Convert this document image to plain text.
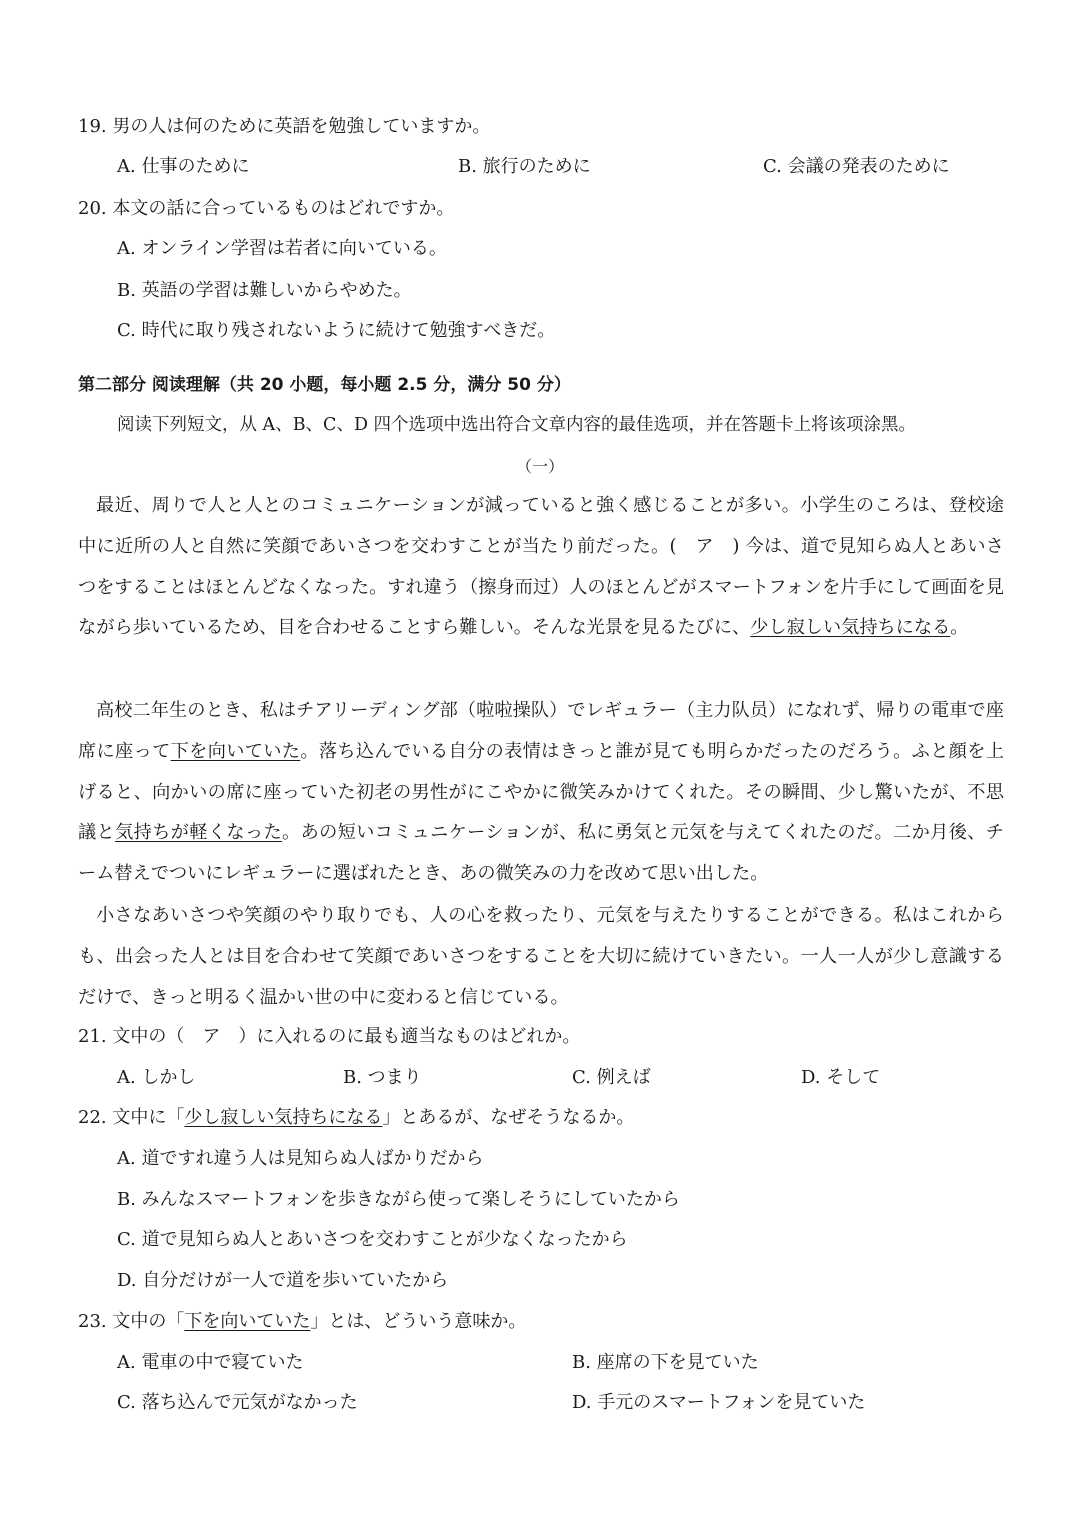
19. 男の人は何のために英語を勉強していますか。
A. 仕事のために	B. 旅行のために	C. 会議の発表のために
20. 本文の話に合っているものはどれですか。
A. オンライン学習は若者に向いている。
B. 英語の学習は難しいからやめた。
C. 時代に取り残されないように続けて勉強すべきだ。
第二部分 阅读理解（共 20 小题，每小题 2.5 分，满分 50 分）
阅读下列短文，从 A、B、C、D 四个选项中选出符合文章内容的最佳选项，并在答题卡上将该项涂黑。
（一）
最近、周りで人と人とのコミュニケーションが減っていると強く感じることが多い。小学生のころは、登校途中に近所の人と自然に笑顔であいさつを交わすことが当たり前だった。(　ア　) 今は、道で見知らぬ人とあいさつをすることはほとんどなくなった。すれ違う（擦身而过）人のほとんどがスマートフォンを片手にして画面を見ながら歩いているため、目を合わせることすら難しい。そんな光景を見るたびに、少し寂しい気持ちになる。
高校二年生のとき、私はチアリーディング部（啦啦操队）でレギュラー（主力队员）になれず、帰りの電車で座席に座って下を向いていた。落ち込んでいる自分の表情はきっと誰が見ても明らかだったのだろう。ふと顔を上げると、向かいの席に座っていた初老の男性がにこやかに微笑みかけてくれた。その瞬間、少し驚いたが、不思議と気持ちが軽くなった。あの短いコミュニケーションが、私に勇気と元気を与えてくれたのだ。二か月後、チーム替えでついにレギュラーに選ばれたとき、あの微笑みの力を改めて思い出した。
小さなあいさつや笑顔のやり取りでも、人の心を救ったり、元気を与えたりすることができる。私はこれからも、出会った人とは目を合わせて笑顔であいさつをすることを大切に続けていきたい。一人一人が少し意識するだけで、きっと明るく温かい世の中に変わると信じている。
21. 文中の（　ア　）に入れるのに最も適当なものはどれか。
A. しかし	B. つまり	C. 例えば	D. そして
22. 文中に「少し寂しい気持ちになる」とあるが、なぜそうなるか。
A. 道ですれ違う人は見知らぬ人ばかりだから
B. みんなスマートフォンを歩きながら使って楽しそうにしていたから
C. 道で見知らぬ人とあいさつを交わすことが少なくなったから
D. 自分だけが一人で道を歩いていたから
23. 文中の「下を向いていた」とは、どういう意味か。
A. 電車の中で寝ていた	B. 座席の下を見ていた
C. 落ち込んで元気がなかった	D. 手元のスマートフォンを見ていた
